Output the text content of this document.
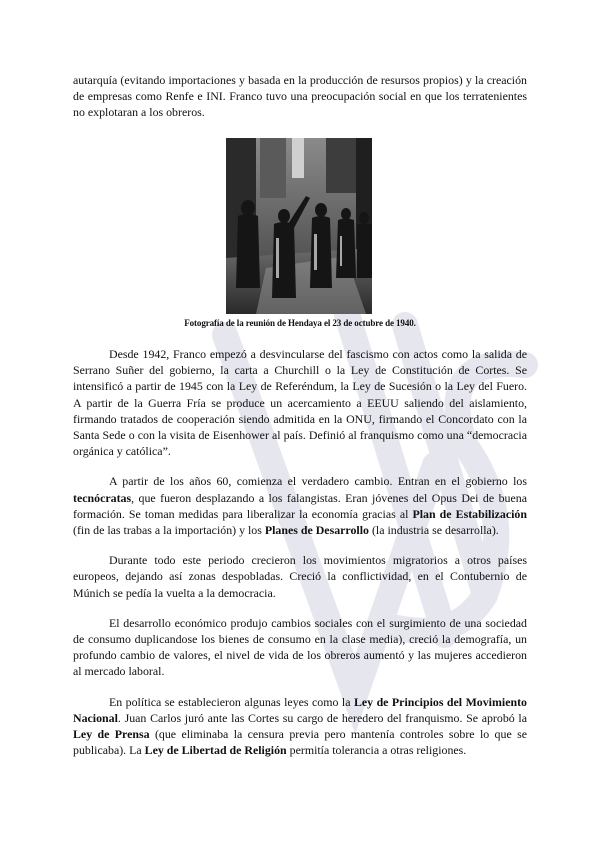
autarquía (evitando importaciones y basada en la producción de resursos propios) y la creación de empresas como Renfe e INI. Franco tuvo una preocupación social en que los terratenientes no explotaran a los obreros.

Fotografía de la reunión de Hendaya el 23 de octubre de 1940.

Desde 1942, Franco empezó a desvincularse del fascismo con actos como la salida de Serrano Suñer del gobierno, la carta a Churchill o la Ley de Constitución de Cortes. Se intensificó a partir de 1945 con la Ley de Referéndum, la Ley de Sucesión o la Ley del Fuero. A partir de la Guerra Fría se produce un acercamiento a EEUU saliendo del aislamiento, firmando tratados de cooperación siendo admitida en la ONU, firmando el Concordato con la Santa Sede o con la visita de Eisenhower al país. Definió al franquismo como una “democracia orgánica y católica”.

A partir de los años 60, comienza el verdadero cambio. Entran en el gobierno los tecnócratas, que fueron desplazando a los falangistas. Eran jóvenes del Opus Dei de buena formación. Se toman medidas para liberalizar la economía gracias al Plan de Estabilización (fin de las trabas a la importación) y los Planes de Desarrollo (la industria se desarrolla).

Durante todo este periodo crecieron los movimientos migratorios a otros países europeos, dejando así zonas despobladas. Creció la conflictividad, en el Contubernio de Múnich se pedía la vuelta a la democracia.

El desarrollo económico produjo cambios sociales con el surgimiento de una sociedad de consumo duplicandose los bienes de consumo en la clase media), creció la demografía, un profundo cambio de valores, el nivel de vida de los obreros aumentó y las mujeres accedieron al mercado laboral.

En política se establecieron algunas leyes como la Ley de Principios del Movimiento Nacional. Juan Carlos juró ante las Cortes su cargo de heredero del franquismo. Se aprobó la Ley de Prensa (que eliminaba la censura previa pero mantenía controles sobre lo que se publicaba). La Ley de Libertad de Religión permitía tolerancia a otras religiones.
